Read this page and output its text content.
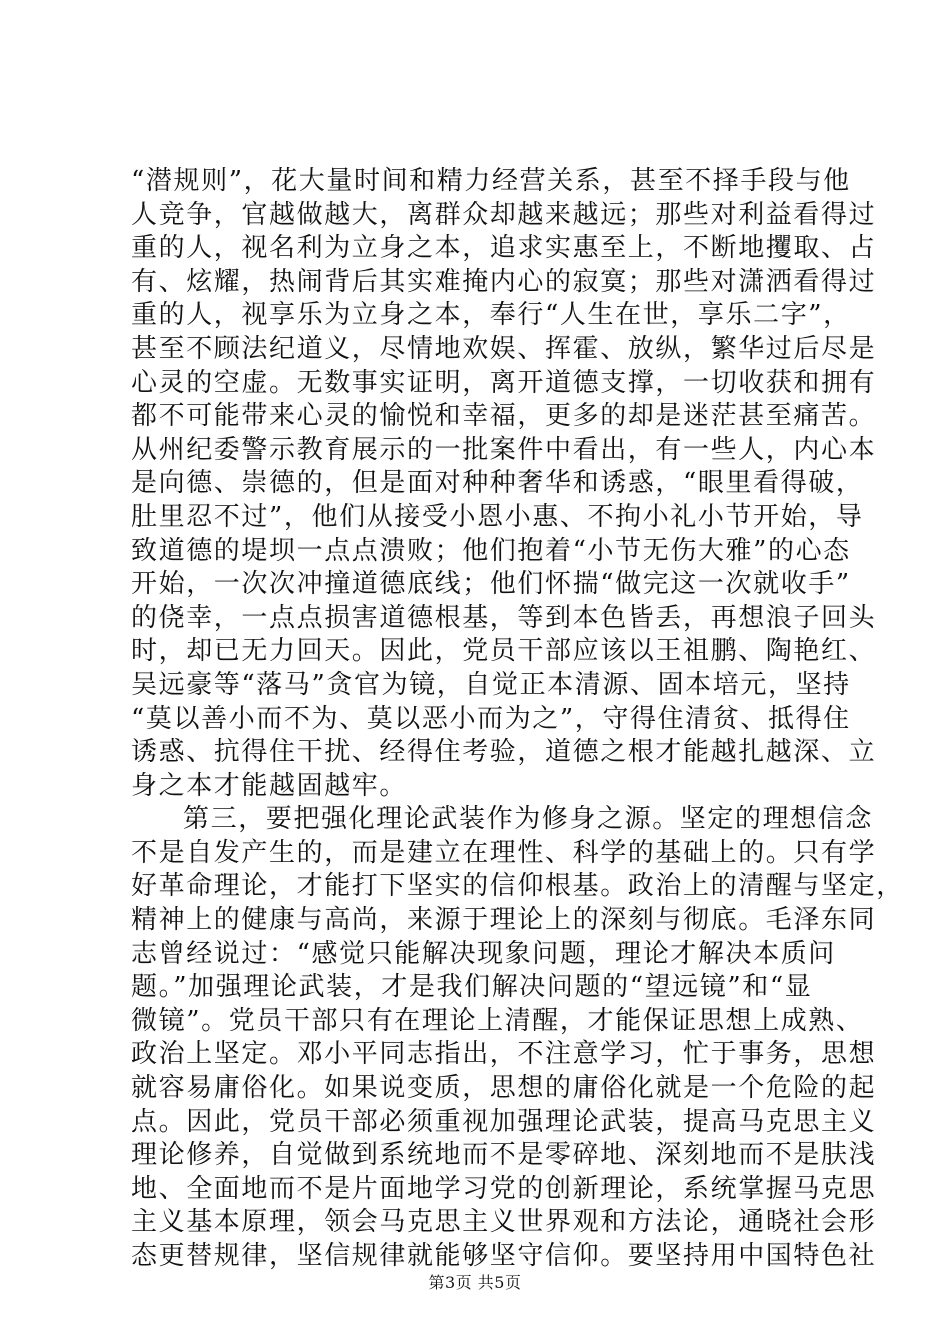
“潜规则”，花大量时间和精力经营关系，甚至不择手段与他
人竞争，官越做越大，离群众却越来越远；那些对利益看得过
重的人，视名利为立身之本，追求实惠至上，不断地攫取、占
有、炫耀，热闹背后其实难掩内心的寂寞；那些对潇洒看得过
重的人，视享乐为立身之本，奉行“人生在世，享乐二字”，
甚至不顾法纪道义，尽情地欢娱、挥霍、放纵，繁华过后尽是
心灵的空虚。无数事实证明，离开道德支撑，一切收获和拥有
都不可能带来心灵的愉悦和幸福，更多的却是迷茫甚至痛苦。
从州纪委警示教育展示的一批案件中看出，有一些人，内心本
是向德、崇德的，但是面对种种奢华和诱惑，“眼里看得破，
肚里忍不过”，他们从接受小恩小惠、不拘小礼小节开始，导
致道德的堤坝一点点溃败；他们抱着“小节无伤大雅”的心态
开始，一次次冲撞道德底线；他们怀揣“做完这一次就收手”
的侥幸，一点点损害道德根基，等到本色皆丢，再想浪子回头
时，却已无力回天。因此，党员干部应该以王祖鹏、陶艳红、
吴远豪等“落马”贪官为镜，自觉正本清源、固本培元，坚持
“莫以善小而不为、莫以恶小而为之”，守得住清贫、抵得住
诱惑、抗得住干扰、经得住考验，道德之根才能越扎越深、立
身之本才能越固越牢。
第三，要把强化理论武装作为修身之源。坚定的理想信念
不是自发产生的，而是建立在理性、科学的基础上的。只有学
好革命理论，才能打下坚实的信仰根基。政治上的清醒与坚定，
精神上的健康与高尚，来源于理论上的深刻与彻底。毛泽东同
志曾经说过：“感觉只能解决现象问题，理论才解决本质问
题。”加强理论武装，才是我们解决问题的“望远镜”和“显
微镜”。党员干部只有在理论上清醒，才能保证思想上成熟、
政治上坚定。邓小平同志指出，不注意学习，忙于事务，思想
就容易庸俗化。如果说变质，思想的庸俗化就是一个危险的起
点。因此，党员干部必须重视加强理论武装，提高马克思主义
理论修养，自觉做到系统地而不是零碎地、深刻地而不是肤浅
地、全面地而不是片面地学习党的创新理论，系统掌握马克思
主义基本原理，领会马克思主义世界观和方法论，通晓社会形
态更替规律，坚信规律就能够坚守信仰。要坚持用中国特色社
第3页 共5页
